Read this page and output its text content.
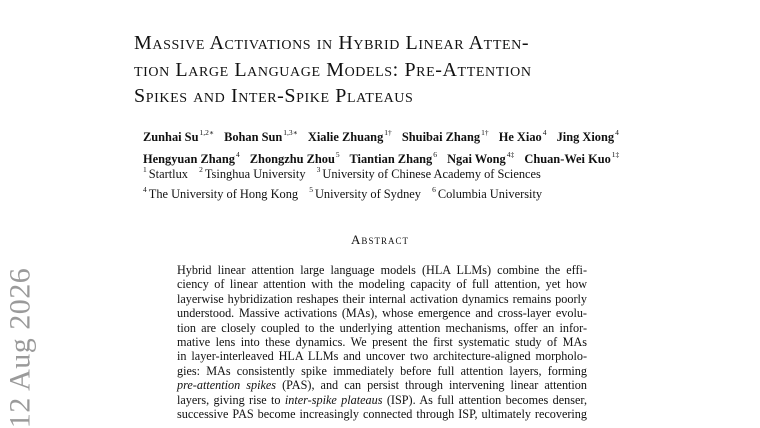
12 Aug 2026
Massive Activations in Hybrid Linear Atten-
tion Large Language Models: Pre-Attention
Spikes and Inter-Spike Plateaus
Zunhai $Su^{1,2∗}$ Bohan Sun$^{1,3∗}$ Xialie Zhuang$^{1\dagger}$ Shuibai Zhang$^{1\dagger}$ He Xiao$^4$ Jing Xiong$^4$
Hengyuan Zhang$^4$ Zhongzhu Zhou$^5$ Tiantian Zhang$^6$ Ngai Wong$^{4\ddagger}$ Chuan-Wei Kuo$^{1\ddagger}$
$^1$ Startlux $^2$ Tsinghua University $^3$ University of Chinese Academy of Sciences
$^4$ The University of Hong Kong $^5$ University of Sydney $^6$ Columbia University
Abstract
Hybrid linear attention large language models (HLA LLMs) combine the effi-
ciency of linear attention with the modeling capacity of full attention, yet how
layerwise hybridization reshapes their internal activation dynamics remains poorly
understood. Massive activations (MAs), whose emergence and cross-layer evolu-
tion are closely coupled to the underlying attention mechanisms, offer an infor-
mative lens into these dynamics. We present the first systematic study of MAs
in layer-interleaved HLA LLMs and uncover two architecture-aligned morpholo-
gies: MAs consistently spike immediately before full attention layers, forming
pre-attention spikes (PAS), and can persist through intervening linear attention
layers, giving rise to inter-spike plateaus (ISP). As full attention becomes denser,
successive PAS become increasingly connected through ISP, ultimately recovering
